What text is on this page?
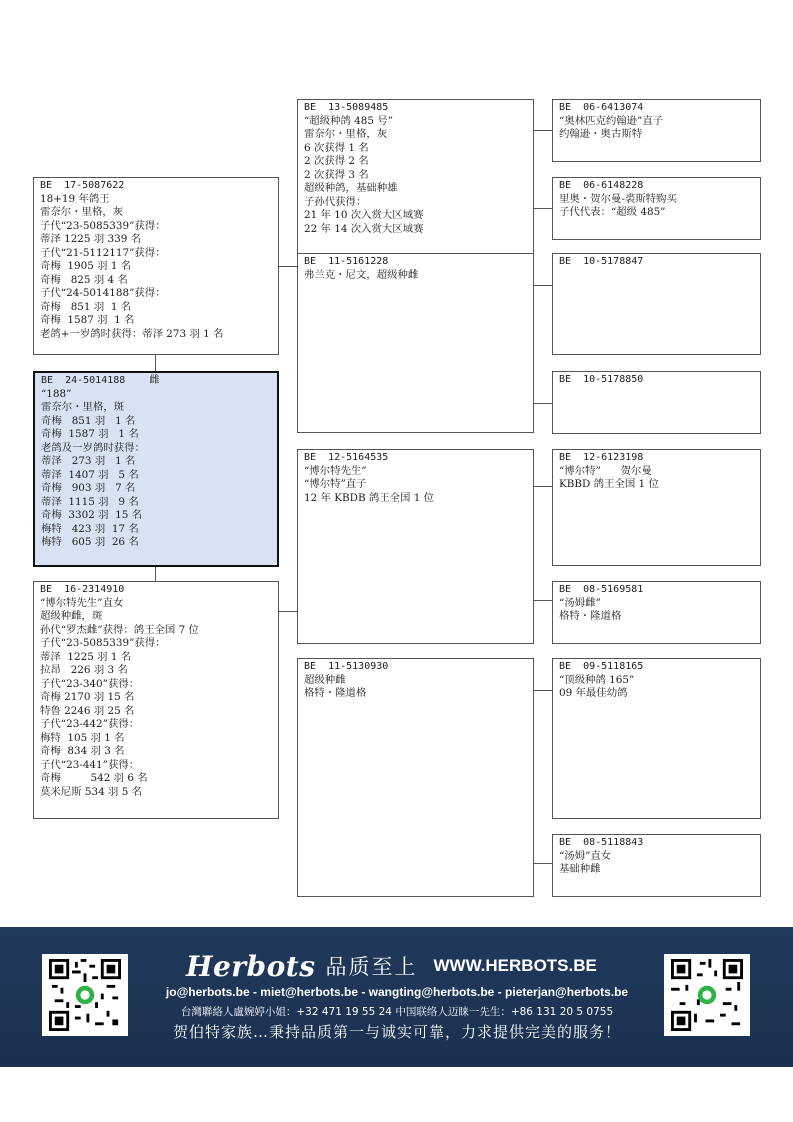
BE  17-5087622
18+19 年鸽王
雷奈尔・里格，灰
子代“23-5085339”获得：
蒂泽 1225 羽 339 名
子代“21-5112117”获得：
奇梅  1905 羽 1 名
奇梅   825 羽 4 名
子代“24-5014188”获得：
奇梅   851 羽  1 名
奇梅  1587 羽  1 名
老鸽+一岁鸽时获得：蒂泽 273 羽 1 名
BE  24-5014188    雌
“188”
雷奈尔・里格，斑
奇梅   851 羽   1 名
奇梅  1587 羽   1 名
老鸽及一岁鸽时获得：
蒂泽   273 羽   1 名
蒂泽  1407 羽   5 名
奇梅   903 羽   7 名
蒂泽  1115 羽   9 名
奇梅  3302 羽  15 名
梅特   423 羽  17 名
梅特   605 羽  26 名
BE  16-2314910
“博尔特先生”直女
超级种雌，斑
孙代“罗杰雌”获得：鸽王全国 7 位
子代“23-5085339”获得：
蒂泽  1225 羽 1 名
拉昂   226 羽 3 名
子代“23-340”获得：
奇梅 2170 羽 15 名
特鲁 2246 羽 25 名
子代“23-442”获得：
梅特  105 羽 1 名
奇梅  834 羽 3 名
子代“23-441”获得：
奇梅         542 羽 6 名
莫米尼斯 534 羽 5 名
BE  13-5089485
“超级种鸽 485 号”
雷奈尔・里格，灰
6 次获得 1 名
2 次获得 2 名
2 次获得 3 名
超级种鸽，基础种雄
子孙代获得：
21 年 10 次入赏大区域赛
22 年 14 次入赏大区域赛
BE  11-5161228
弗兰克・尼文，超级种雌
BE  12-5164535
“博尔特先生”
“博尔特”直子
12 年 KBDB 鸽王全国 1 位
BE  11-5130930
超级种雌
格特・隆道格
BE  06-6413074
“奥林匹克约翰逊”直子
约翰逊・奥古斯特
BE  06-6148228
里奥・贺尔曼-裘斯特购买
子代代表：“超级 485”
BE  10-5178847
BE  10-5178850
BE  12-6123198
“博尔特”      贺尔曼
KBBD 鸽王全国 1 位
BE  08-5169581
“汤姆雌”
格特・隆道格
BE  09-5118165
“顶级种鸽 165”
09 年最佳幼鸽
BE  08-5118843
“汤姆”直女
基础种雌
Herbots 品质至上 WWW.HERBOTS.BE
jo@herbots.be - miet@herbots.be - wangting@herbots.be - pieterjan@herbots.be
台灣聯絡人盧婉婷小姐：+32 471 19 55 24 中国联络人迈睐一先生：+86 131 20 5 0755
贺伯特家族…秉持品质第一与诚实可靠，力求提供完美的服务！
